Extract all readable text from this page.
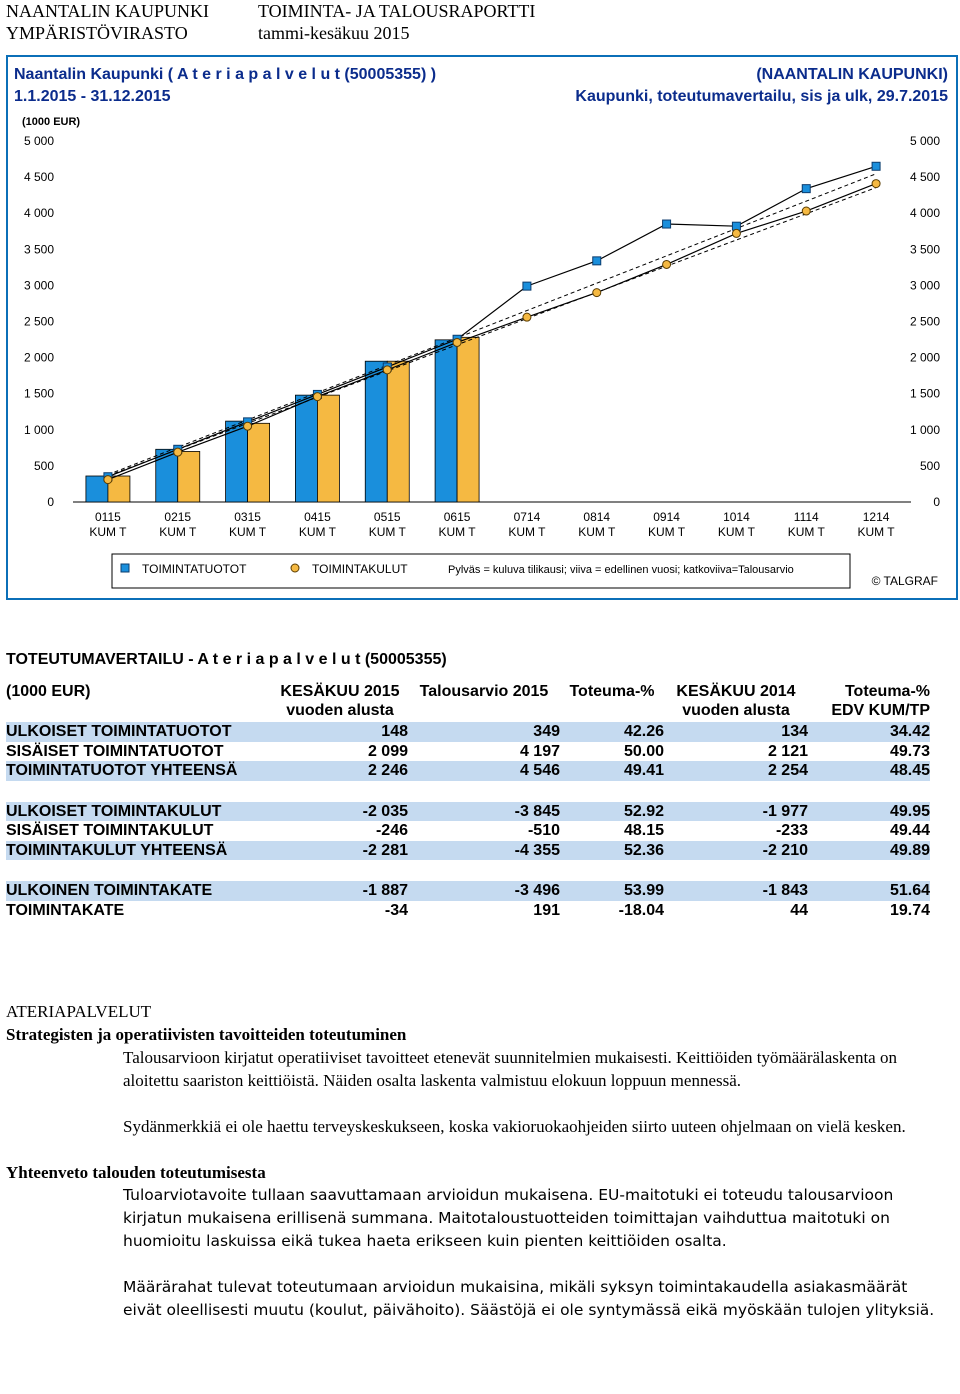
NAANTALIN KAUPUNKI	TOIMINTA- JA TALOUSRAPORTTI
YMPÄRISTÖVIRASTO	tammi-kesäkuu 2015
Naantalin Kaupunki ( A t e r i a p a l v e l u t (50005355) )
1.1.2015 - 31.12.2015
(NAANTALIN KAUPUNKI)
Kaupunki, toteutumavertailu, sis ja ulk, 29.7.2015
(1000 EUR)
0	0
500	500
1 000	1 000
1 500	1 500
2 000	2 000
2 500	2 500
3 000	3 000
3 500	3 500
4 000	4 000
4 500	4 500
5 000	5 000
0115
KUM T
0215
KUM T
0315
KUM T
0415
KUM T
0515
KUM T
0615
KUM T
0714
KUM T
0814
KUM T
0914
KUM T
1014
KUM T
1114
KUM T
1214
KUM T
TOIMINTATUOTOT	TOIMINTAKULUT	Pylväs = kuluva tilikausi; viiva = edellinen vuosi; katkoviiva=Talousarvio
© TALGRAF
TOTEUTUMAVERTAILU - A t e r i a p a l v e l u t (50005355)
(1000 EUR)	KESÄKUU 2015
vuoden alusta
Talousarvio 2015	Toteuma-%	KESÄKUU 2014
vuoden alusta
Toteuma-%
EDV KUM/TP
ULKOISET TOIMINTATUOTOT	148	349	42.26	134	34.42
SISÄISET TOIMINTATUOTOT	2 099	4 197	50.00	2 121	49.73
TOIMINTATUOTOT YHTEENSÄ	2 246	4 546	49.41	2 254	48.45
ULKOISET TOIMINTAKULUT	-2 035	-3 845	52.92	-1 977	49.95
SISÄISET TOIMINTAKULUT	-246	-510	48.15	-233	49.44
TOIMINTAKULUT YHTEENSÄ	-2 281	-4 355	52.36	-2 210	49.89
ULKOINEN TOIMINTAKATE	-1 887	-3 496	53.99	-1 843	51.64
TOIMINTAKATE	-34	191	-18.04	44	19.74

ATERIAPALVELUT

Strategisten ja operatiivisten tavoitteiden toteutuminen

Talousarvioon kirjatut operatiiviset tavoitteet etenevät suunnitelmien mukaisesti. Keittiöiden työmäärälaskenta on aloitettu saariston keittiöistä. Näiden osalta laskenta valmistuu elokuun loppuun mennessä.

Sydänmerkkiä ei ole haettu terveyskeskukseen, koska vakioruokaohjeiden siirto uuteen ohjelmaan on vielä kesken.

Yhteenveto talouden toteutumisesta

Tuloarviotavoite tullaan saavuttamaan arvioidun mukaisena. EU-maitotuki ei toteudu talousarvioon kirjatun mukaisena erillisenä summana. Maitotaloustuotteiden toimittajan vaihduttua maitotuki on huomioitu laskuissa eikä tukea haeta erikseen kuin pienten keittiöiden osalta.

Määrärahat tulevat toteutumaan arvioidun mukaisina, mikäli syksyn toimintakaudella asiakasmäärät eivät oleellisesti muutu (koulut, päivähoito). Säästöjä ei ole syntymässä eikä myöskään tulojen ylityksiä.
